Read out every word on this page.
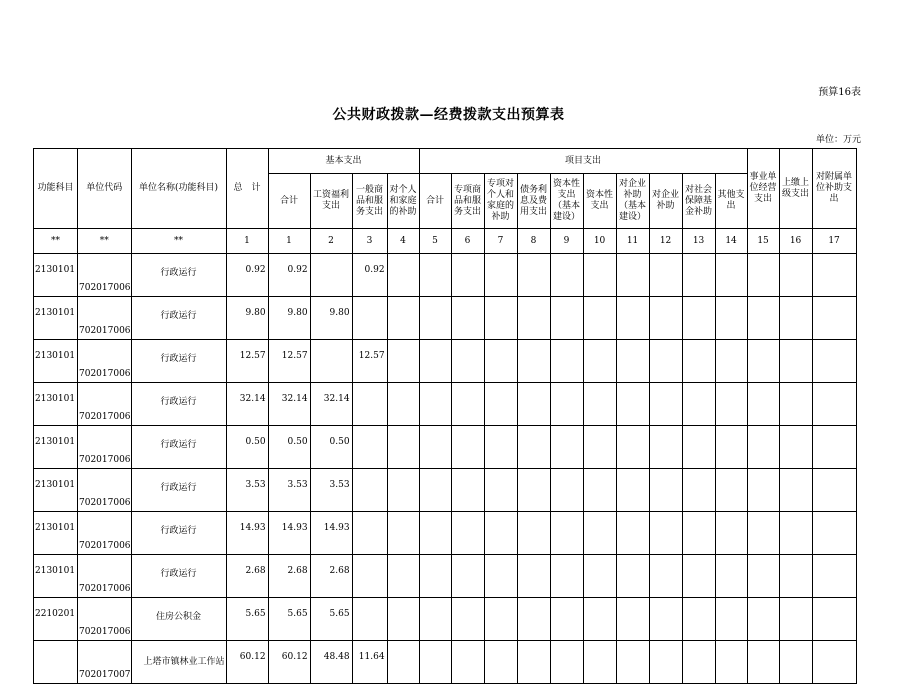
预算16表
公共财政拨款—经费拨款支出预算表
单位：万元
功能科目	单位代码	单位名称(功能科目)	总　计	基本支出				项目支出										事业单位经营支出	上缴上级支出	对附属单位补助支出
				合计	工资福利支出	一般商品和服务支出	对个人和家庭的补助	合计	专项商品和服务支出	专项对个人和家庭的补助	债务利息及费用支出	资本性支出（基本建设）	资本性支出	对企业补助（基本建设）	对企业补助	对社会保障基金补助	其他支出			
**	**	**	1	1	2	3	4	5	6	7	8	9	10	11	12	13	14	15	16	17
2130101	702017006	行政运行	0.92	0.92		0.92														
2130101	702017006	行政运行	9.80	9.80	9.80															
2130101	702017006	行政运行	12.57	12.57		12.57														
2130101	702017006	行政运行	32.14	32.14	32.14															
2130101	702017006	行政运行	0.50	0.50	0.50															
2130101	702017006	行政运行	3.53	3.53	3.53															
2130101	702017006	行政运行	14.93	14.93	14.93															
2130101	702017006	行政运行	2.68	2.68	2.68															
2210201	702017006	住房公积金	5.65	5.65	5.65															
	702017007	上塔市镇林业工作站	60.12	60.12	48.48	11.64														
